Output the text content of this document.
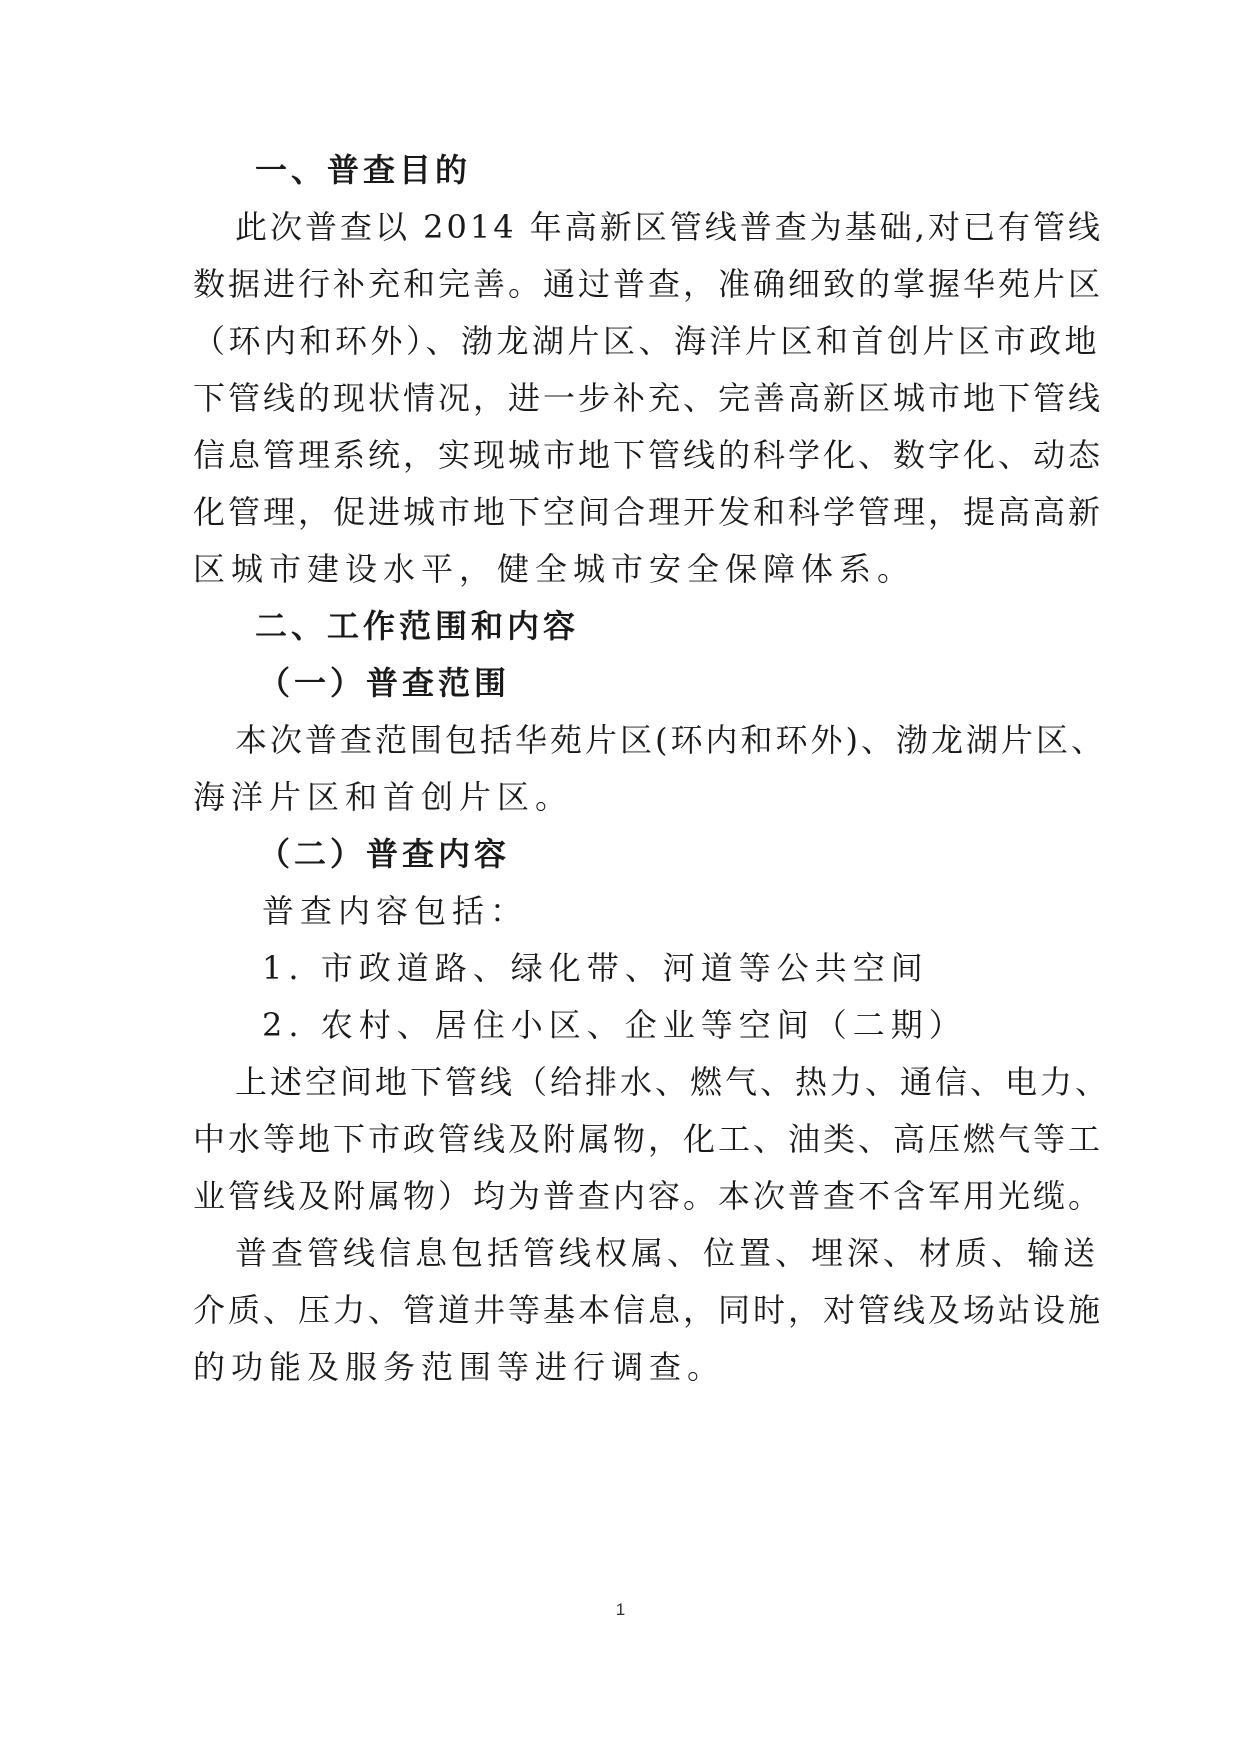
一、普查目的
此次普查以 2014 年高新区管线普查为基础,对已有管线
数据进行补充和完善。通过普查，准确细致的掌握华苑片区
（环内和环外）、渤龙湖片区、海洋片区和首创片区市政地
下管线的现状情况，进一步补充、完善高新区城市地下管线
信息管理系统，实现城市地下管线的科学化、数字化、动态
化管理，促进城市地下空间合理开发和科学管理，提高高新
区城市建设水平，健全城市安全保障体系。
二、工作范围和内容
（一）普查范围
本次普查范围包括华苑片区(环内和环外)、渤龙湖片区、
海洋片区和首创片区。
（二）普查内容
普查内容包括：
1. 市政道路、绿化带、河道等公共空间
2. 农村、居住小区、企业等空间（二期）
上述空间地下管线（给排水、燃气、热力、通信、电力、
中水等地下市政管线及附属物，化工、油类、高压燃气等工
业管线及附属物）均为普查内容。本次普查不含军用光缆。
普查管线信息包括管线权属、位置、埋深、材质、输送
介质、压力、管道井等基本信息，同时，对管线及场站设施
的功能及服务范围等进行调查。
1
